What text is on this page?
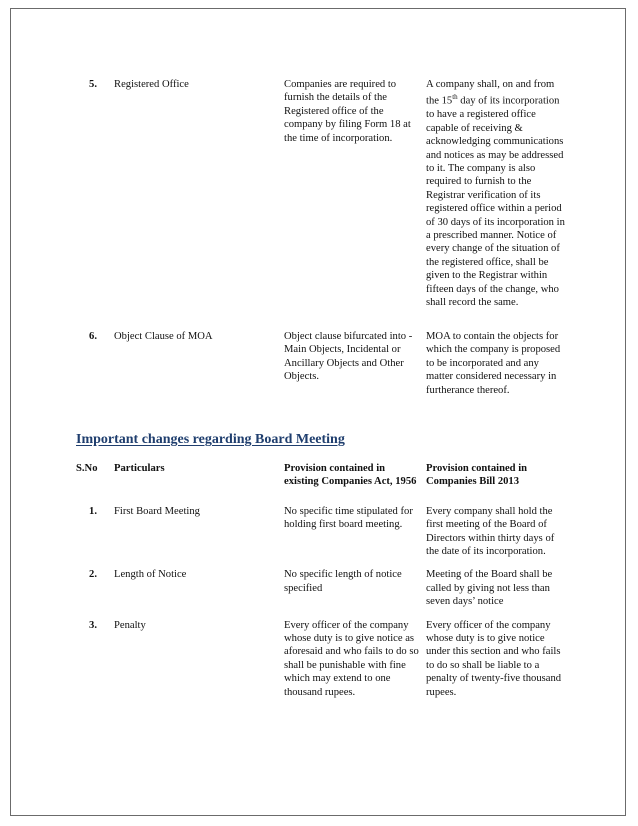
5.	Registered Office	Companies are required to furnish the details of the Registered office of the company by filing Form 18 at the time of incorporation.	A company shall, on and from the 15th day of its incorporation to have a registered office capable of receiving & acknowledging communications and notices as may be addressed to it. The company is also required to furnish to the Registrar verification of its registered office within a period of 30 days of its incorporation in a prescribed manner. Notice of every change of the situation of the registered office, shall be given to the Registrar within fifteen days of the change, who shall record the same.
6.	Object Clause of MOA	Object clause bifurcated into - Main Objects, Incidental or Ancillary Objects and Other Objects.	MOA to contain the objects for which the company is proposed to be incorporated and any matter considered necessary in furtherance thereof.
Important changes regarding Board Meeting
S.No	Particulars	Provision contained in existing Companies Act, 1956	Provision contained in Companies Bill 2013
1.	First Board Meeting	No specific time stipulated for holding first board meeting.	Every company shall hold the first meeting of the Board of Directors within thirty days of the date of its incorporation.
2.	Length of Notice	No specific length of notice specified	Meeting of the Board shall be called by giving not less than seven days’ notice
3.	Penalty	Every officer of the company whose duty is to give notice as aforesaid and who fails to do so shall be punishable with fine which may extend to one thousand rupees.	Every officer of the company whose duty is to give notice under this section and who fails to do so shall be liable to a penalty of twenty-five thousand rupees.
